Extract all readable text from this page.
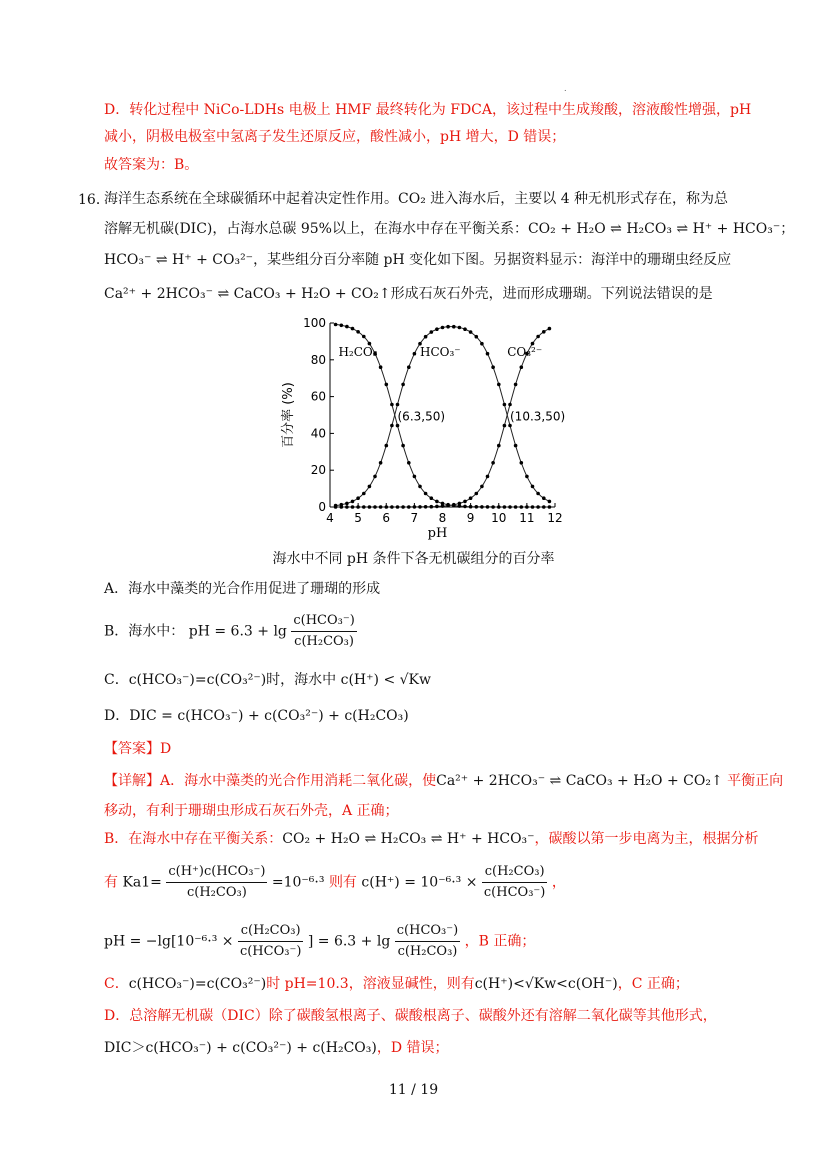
.
D．转化过程中 NiCo-LDHs 电极上 HMF 最终转化为 FDCA，该过程中生成羧酸，溶液酸性增强，pH
减小，阴极电极室中氢离子发生还原反应，酸性减小，pH 增大，D 错误；
故答案为：B。
16．
海洋生态系统在全球碳循环中起着决定性作用。CO₂ 进入海水后，主要以 4 种无机形式存在，称为总
溶解无机碳(DIC)，占海水总碳 95%以上，在海水中存在平衡关系：CO₂ + H₂O ⇌ H₂CO₃ ⇌ H⁺ + HCO₃⁻；
HCO₃⁻ ⇌ H⁺ + CO₃²⁻，某些组分百分率随 pH 变化如下图。另据资料显示：海洋中的珊瑚虫经反应
Ca²⁺ + 2HCO₃⁻ ⇌ CaCO₃ + H₂O + CO₂↑形成石灰石外壳，进而形成珊瑚。下列说法错误的是
0
20
40
60
80
100
4 5 6 7 8 9 10 11 12
pH
百分率 (%)
H₂CO₃	HCO₃⁻	CO₃²⁻
(6.3,50)	(10.3,50)
海水中不同 pH 条件下各无机碳组分的百分率
A．海水中藻类的光合作用促进了珊瑚的形成
B．海水中： pH = $6.3 + \lg \frac{\text{c(HCO₃⁻)}}{\text{c(H₂CO₃)}}$
C．c(HCO₃⁻)=c(CO₃²⁻)时，海水中 c(H⁺) < √Kw
D．DIC = c(HCO₃⁻) + c(CO₃²⁻) + c(H₂CO₃)
【答案】D
【详解】A．海水中藻类的光合作用消耗二氧化碳，使Ca²⁺ + 2HCO₃⁻ ⇌ CaCO₃ + H₂O + CO₂↑ 平衡正向
移动，有利于珊瑚虫形成石灰石外壳，A 正确；
B．在海水中存在平衡关系：CO₂ + H₂O ⇌ H₂CO₃ ⇌ H⁺ + HCO₃⁻，碳酸以第一步电离为主，根据分析
有 $Ka1= \frac{\text{c(H⁺)c(HCO₃⁻)}}{\text{c(H₂CO₃)}} =10^{-6}\cdot^3$ 则有 $c(H^+) = 10^{-6}\cdot^3 \times \frac{\text{c(H₂CO₃)}}{\text{c(HCO₃⁻)}}$ ，
pH = $-\lg[10^{-6}\cdot^3 \times \frac{\text{c(H₂CO₃)}}{\text{c(HCO₃⁻)}}$ ] = $6.3 + \lg \frac{\text{c(HCO₃⁻)}}{\text{c(H₂CO₃)}}$ ，B 正确；
C．c(HCO₃⁻)=c(CO₃²⁻)时 pH=10.3，溶液显碱性，则有c(H⁺)<√Kw<c(OH⁻)，C 正确；
D．总溶解无机碳（DIC）除了碳酸氢根离子、碳酸根离子、碳酸外还有溶解二氧化碳等其他形式，
DIC＞c(HCO₃⁻) + c(CO₃²⁻) + c(H₂CO₃)，D 错误；
11 / 19
